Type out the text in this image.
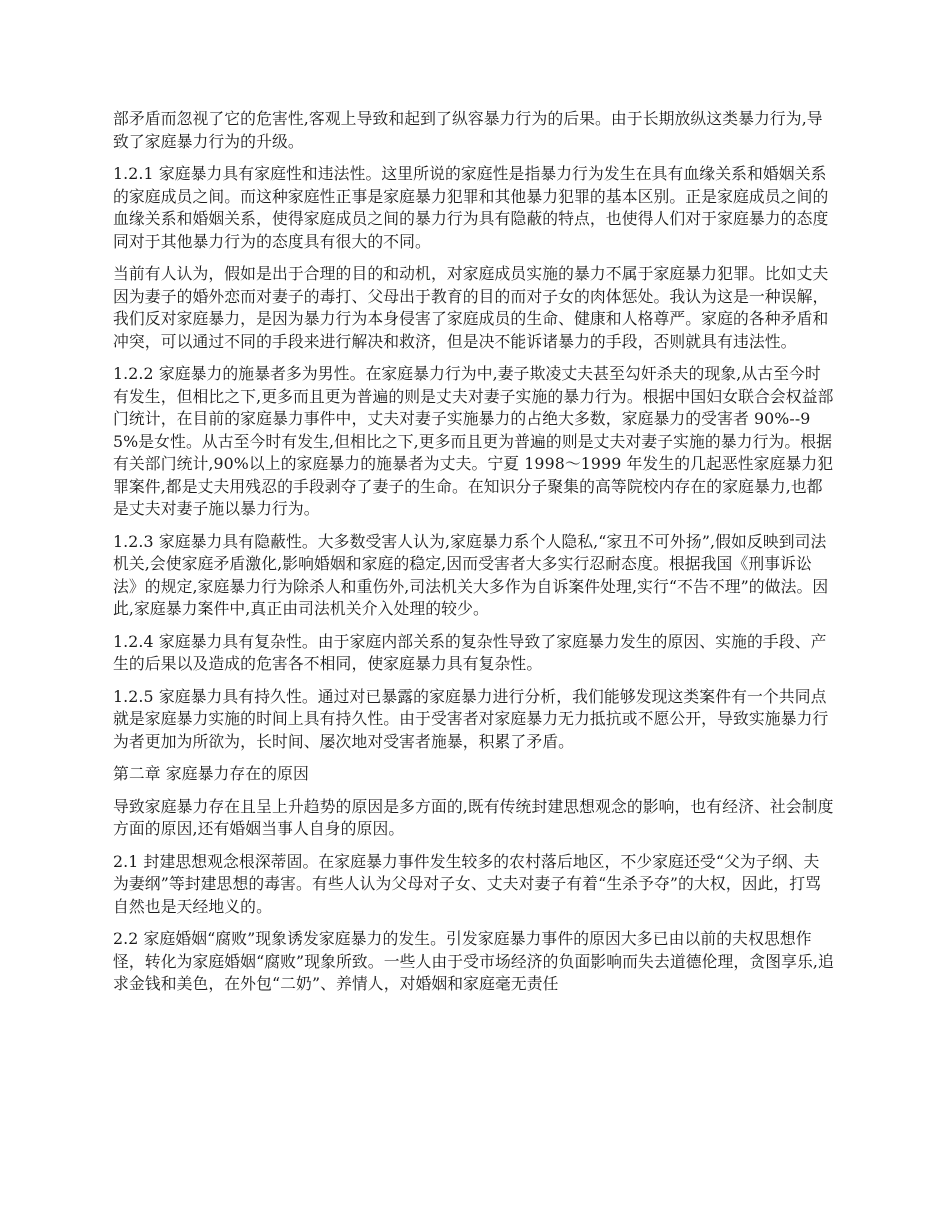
部矛盾而忽视了它的危害性,客观上导致和起到了纵容暴力行为的后果。由于长期放纵这类暴力行为,导致了家庭暴力行为的升级。

1.2.1 家庭暴力具有家庭性和违法性。这里所说的家庭性是指暴力行为发生在具有血缘关系和婚姻关系的家庭成员之间。而这种家庭性正事是家庭暴力犯罪和其他暴力犯罪的基本区别。正是家庭成员之间的血缘关系和婚姻关系，使得家庭成员之间的暴力行为具有隐蔽的特点，也使得人们对于家庭暴力的态度同对于其他暴力行为的态度具有很大的不同。

当前有人认为，假如是出于合理的目的和动机，对家庭成员实施的暴力不属于家庭暴力犯罪。比如丈夫因为妻子的婚外恋而对妻子的毒打、父母出于教育的目的而对子女的肉体惩处。我认为这是一种误解，我们反对家庭暴力，是因为暴力行为本身侵害了家庭成员的生命、健康和人格尊严。家庭的各种矛盾和冲突，可以通过不同的手段来进行解决和救济，但是决不能诉诸暴力的手段，否则就具有违法性。

1.2.2 家庭暴力的施暴者多为男性。在家庭暴力行为中,妻子欺凌丈夫甚至勾奸杀夫的现象,从古至今时有发生，但相比之下,更多而且更为普遍的则是丈夫对妻子实施的暴力行为。根据中国妇女联合会权益部门统计，在目前的家庭暴力事件中，丈夫对妻子实施暴力的占绝大多数，家庭暴力的受害者 90%--95%是女性。从古至今时有发生,但相比之下,更多而且更为普遍的则是丈夫对妻子实施的暴力行为。根据有关部门统计,90%以上的家庭暴力的施暴者为丈夫。宁夏 1998～1999 年发生的几起恶性家庭暴力犯罪案件,都是丈夫用残忍的手段剥夺了妻子的生命。在知识分子聚集的高等院校内存在的家庭暴力,也都是丈夫对妻子施以暴力行为。

1.2.3 家庭暴力具有隐蔽性。大多数受害人认为,家庭暴力系个人隐私,“家丑不可外扬”,假如反映到司法机关,会使家庭矛盾激化,影响婚姻和家庭的稳定,因而受害者大多实行忍耐态度。根据我国《刑事诉讼法》的规定,家庭暴力行为除杀人和重伤外,司法机关大多作为自诉案件处理,实行“不告不理”的做法。因此,家庭暴力案件中,真正由司法机关介入处理的较少。

1.2.4 家庭暴力具有复杂性。由于家庭内部关系的复杂性导致了家庭暴力发生的原因、实施的手段、产生的后果以及造成的危害各不相同，使家庭暴力具有复杂性。

1.2.5 家庭暴力具有持久性。通过对已暴露的家庭暴力进行分析，我们能够发现这类案件有一个共同点就是家庭暴力实施的时间上具有持久性。由于受害者对家庭暴力无力抵抗或不愿公开，导致实施暴力行为者更加为所欲为，长时间、屡次地对受害者施暴，积累了矛盾。

第二章 家庭暴力存在的原因

导致家庭暴力存在且呈上升趋势的原因是多方面的,既有传统封建思想观念的影响，也有经济、社会制度方面的原因,还有婚姻当事人自身的原因。

2.1 封建思想观念根深蒂固。在家庭暴力事件发生较多的农村落后地区，不少家庭还受“父为子纲、夫为妻纲”等封建思想的毒害。有些人认为父母对子女、丈夫对妻子有着“生杀予夺”的大权，因此，打骂自然也是天经地义的。

2.2 家庭婚姻“腐败”现象诱发家庭暴力的发生。引发家庭暴力事件的原因大多已由以前的夫权思想作怪，转化为家庭婚姻“腐败”现象所致。一些人由于受市场经济的负面影响而失去道德伦理，贪图享乐,追求金钱和美色，在外包“二奶”、养情人，对婚姻和家庭毫无责任
